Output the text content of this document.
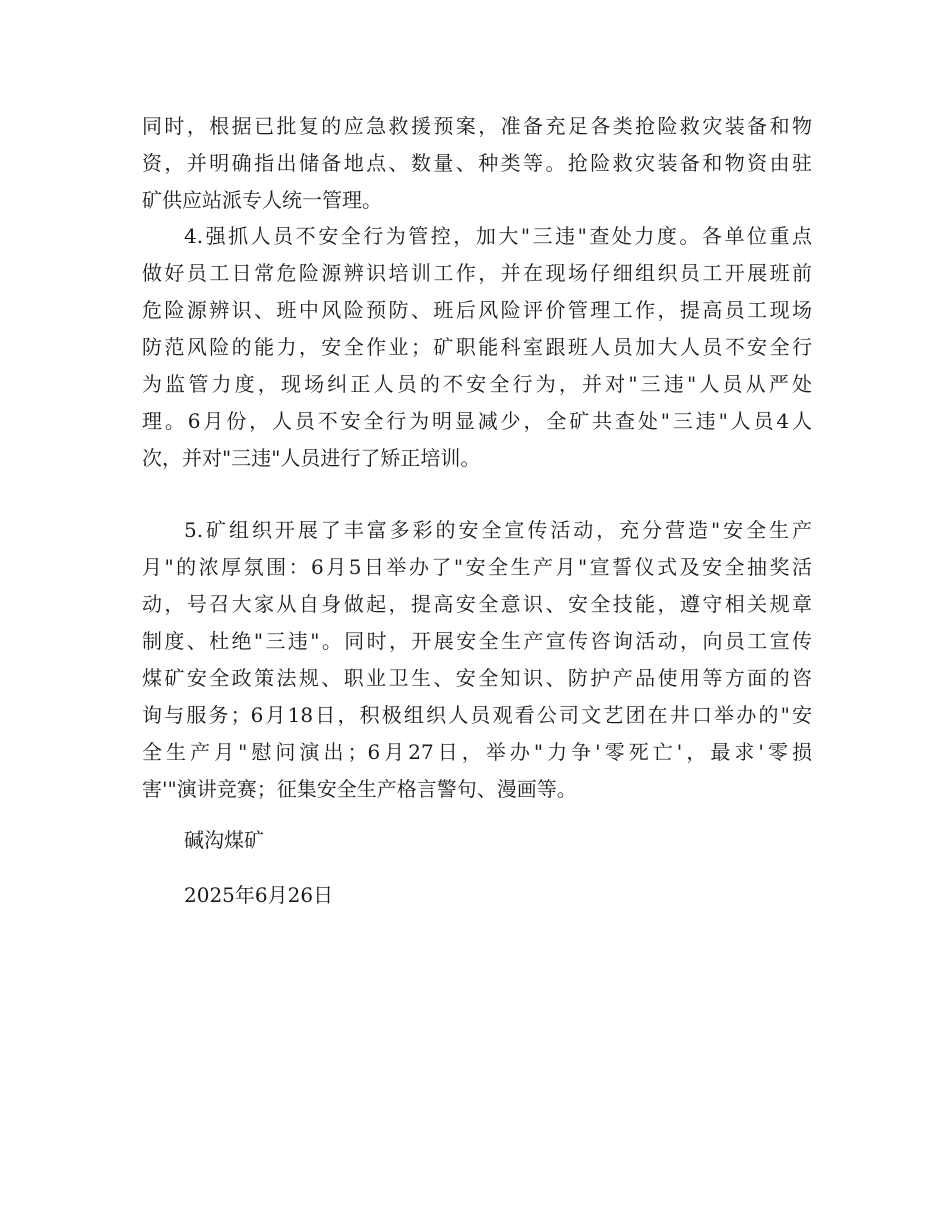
同时，根据已批复的应急救援预案，准备充足各类抢险救灾装备和物
资，并明确指出储备地点、数量、种类等。抢险救灾装备和物资由驻
矿供应站派专人统一管理。
4.强抓人员不安全行为管控，加大"三违"查处力度。各单位重点
做好员工日常危险源辨识培训工作，并在现场仔细组织员工开展班前
危险源辨识、班中风险预防、班后风险评价管理工作，提高员工现场
防范风险的能力，安全作业；矿职能科室跟班人员加大人员不安全行
为监管力度，现场纠正人员的不安全行为，并对"三违"人员从严处
理。6月份，人员不安全行为明显减少，全矿共查处"三违"人员4人
次，并对"三违"人员进行了矫正培训。
5.矿组织开展了丰富多彩的安全宣传活动，充分营造"安全生产
月"的浓厚氛围：6月5日举办了"安全生产月"宣誓仪式及安全抽奖活
动，号召大家从自身做起，提高安全意识、安全技能，遵守相关规章
制度、杜绝"三违"。同时，开展安全生产宣传咨询活动，向员工宣传
煤矿安全政策法规、职业卫生、安全知识、防护产品使用等方面的咨
询与服务；6月18日，积极组织人员观看公司文艺团在井口举办的"安
全生产月"慰问演出；6月27日，举办"力争'零死亡'，最求'零损
害'"演讲竞赛；征集安全生产格言警句、漫画等。
碱沟煤矿
2025年6月26日
